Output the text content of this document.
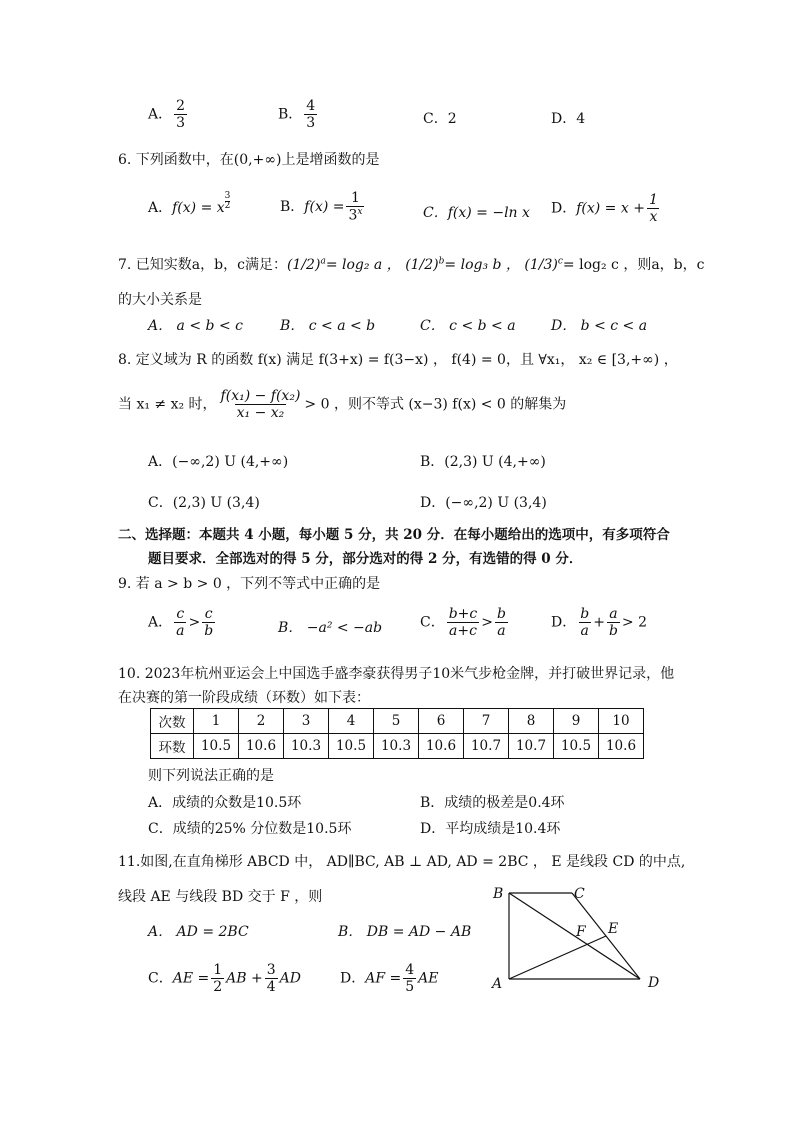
A． $\frac{2}{3}$	B． $\frac{4}{3}$	C．2	D．4
6. 下列函数中，在(0,+∞)上是增函数的是
A．f(x) = x $^{\frac{3}{2}}$	B．$f(x) = \frac{1}{3^x}$	C．f(x) = −ln x D．$f(x) = x + \frac{1}{x}$
7. 已知实数a，b，c满足：$(1/2)^a= \log_2$ a ， $(1/2)^b= \log_3$ b ， $(1/3)^c= \log_2$ c ，则a，b，c
的大小关系是
A． a < b < c	B． c < a < b	C． c < b < a	D． b < c < a
8. 定义域为 R 的函数 f(x) 满足 f(3+x) = f(3−x) ， f(4) = 0，且 ∀x₁， x₂ ∈ [3,+∞) ，
当 x₁ ≠ x₂ 时， $\frac{\text{f(x₁) − f(x₂)}}{\text{x₁ − x₂}} > 0$ ，则不等式 (x−3) f(x) < 0 的解集为
A．(−∞,2) U (4,+∞)	B．(2,3) U (4,+∞)
C．(2,3) U (3,4)	D．(−∞,2) U (3,4)
二、选择题：本题共 4 小题，每小题 5 分，共 20 分．在每小题给出的选项中，有多项符合
题目要求．全部选对的得 5 分，部分选对的得 2 分，有选错的得 0 分．
9. 若 a > b > 0 ，下列不等式中正确的是
A． $\frac{c}{a} > \frac{c}{b}$	B． −a² < −ab	C． $\frac{b+c}{a+c} > \frac{b}{a}$	D． $\frac{b}{a} + \frac{a}{b} > 2$
10. 2023年杭州亚运会上中国选手盛李豪获得男子10米气步枪金牌，并打破世界记录，他
在决赛的第一阶段成绩（环数）如下表：
次数	1	2	3	4	5	6	7	8	9	10
环数	10.5	10.6	10.3	10.5	10.3	10.6	10.7	10.7	10.5	10.6
则下列说法正确的是
A．成绩的众数是10.5环	B．成绩的极差是0.4环
C．成绩的25% 分位数是10.5环	D．平均成绩是10.4环
11.如图,在直角梯形 ABCD 中， AD∥BC, AB ⊥ AD, AD = 2BC ， E 是线段 CD 的中点,
线段 AE 与线段 BD 交于 F ，则
A． AD = 2BC	B． DB = AD − AB
C．AE = $\frac{1}{2}$ AB + $\frac{3}{4}$ AD	D．AF = $\frac{4}{5}$ AE
B	C
E
F
A	D
